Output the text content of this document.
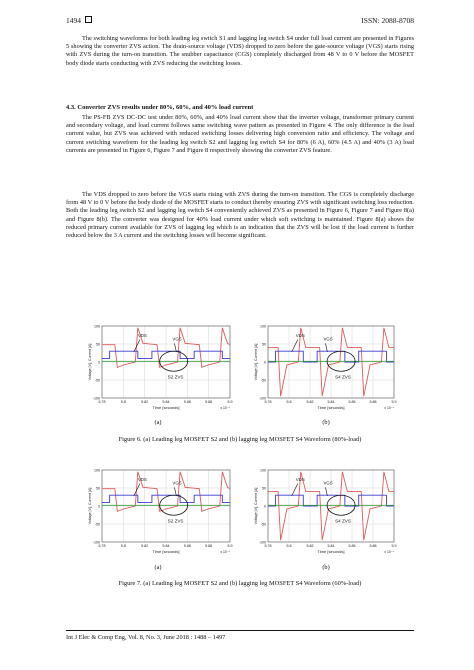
1494	ISSN: 2088-8708
The switching waveforms for both leading leg switch S1 and lagging leg switch S4 under full load current are presented in Figures 5 showing the converter ZVS action. The drain-source voltage (VDS) dropped to zero before the gate-source voltage (VGS) starts rising with ZVS during the turn-on transition. The snubber capacitance (CGS) completely discharged from 48 V to 0 V before the MOSFET body diode starts conducting with ZVS reducing the switching losses.
4.3. Converter ZVS results under 80%, 60%, and 40% load current
The PS-FB ZVS DC-DC test under 80%, 60%, and 40% load current show that the inverter voltage, transformer primary current and secondary voltage, and load current follows same switching wave pattern as presented in Figure 4. The only difference is the load current value, but ZVS was achieved with reduced switching losses delivering high conversion ratio and efficiency. The voltage and current switching waveform for the leading leg switch S2 and lagging leg switch S4 for 80% (6 A), 60% (4.5 A) and 40% (3 A) load currents are presented in Figure 6, Figure 7 and Figure 8 respectively showing the converter ZVS feature.
The VDS dropped to zero before the VGS starts rising with ZVS during the turn-on transition. The CGS is completely discharge from 48 V to 0 V before the body diode of the MOSFET starts to conduct thereby ensuring ZVS with significant switching loss reduction. Both the leading leg switch S2 and lagging leg switch S4 conveniently achieved ZVS as presented in Figure 6, Figure 7 and Figure 8(a) and Figure 8(b). The converter was designed for 40% load current under which soft switching is maintained. Figure 8(a) shows the reduced primary current available for ZVS of lagging leg which is an indication that the ZVS will be lost if the load current is further reduced below the 3 A current and the switching losses will become significant.
100
50
0
-50
-100
5.78	5.8	5.82	5.84	5.86	5.88	5.9
Time [seconds]	x 10⁻⁴
Voltage [V], Current [A]
VDS
VGS
S2 ZVS
100
50
0
-50
-100
5.78	5.8	5.82	5.84	5.86	5.88	5.9
Time [seconds]	x 10⁻⁴
Voltage [V], Current [A]
VDS
VGS
S4 ZVS
(a)	(b)
Figure 6. (a) Leading leg MOSFET S2 and (b) lagging leg MOSFET S4 Waveform (80%-load)
100
50
0
-50
-100
5.78	5.8	5.82	5.84	5.86	5.88	5.9
Time [seconds]	x 10⁻⁴
Voltage [V], Current [A]
VDS
VGS
S2 ZVS
100
50
0
-50
-100
5.78	5.8	5.82	5.84	5.86	5.88	5.9
Time [seconds]	x 10⁻⁴
Voltage [V], Current [A]
VDS
VGS
S4 ZVS
(a)	(b)
Figure 7. (a) Leading leg MOSFET S2 and (b) lagging leg MOSFET S4 Waveform (60%-load)
Int J Elec & Comp Eng, Vol. 8, No. 3, June 2018 : 1488 – 1497
